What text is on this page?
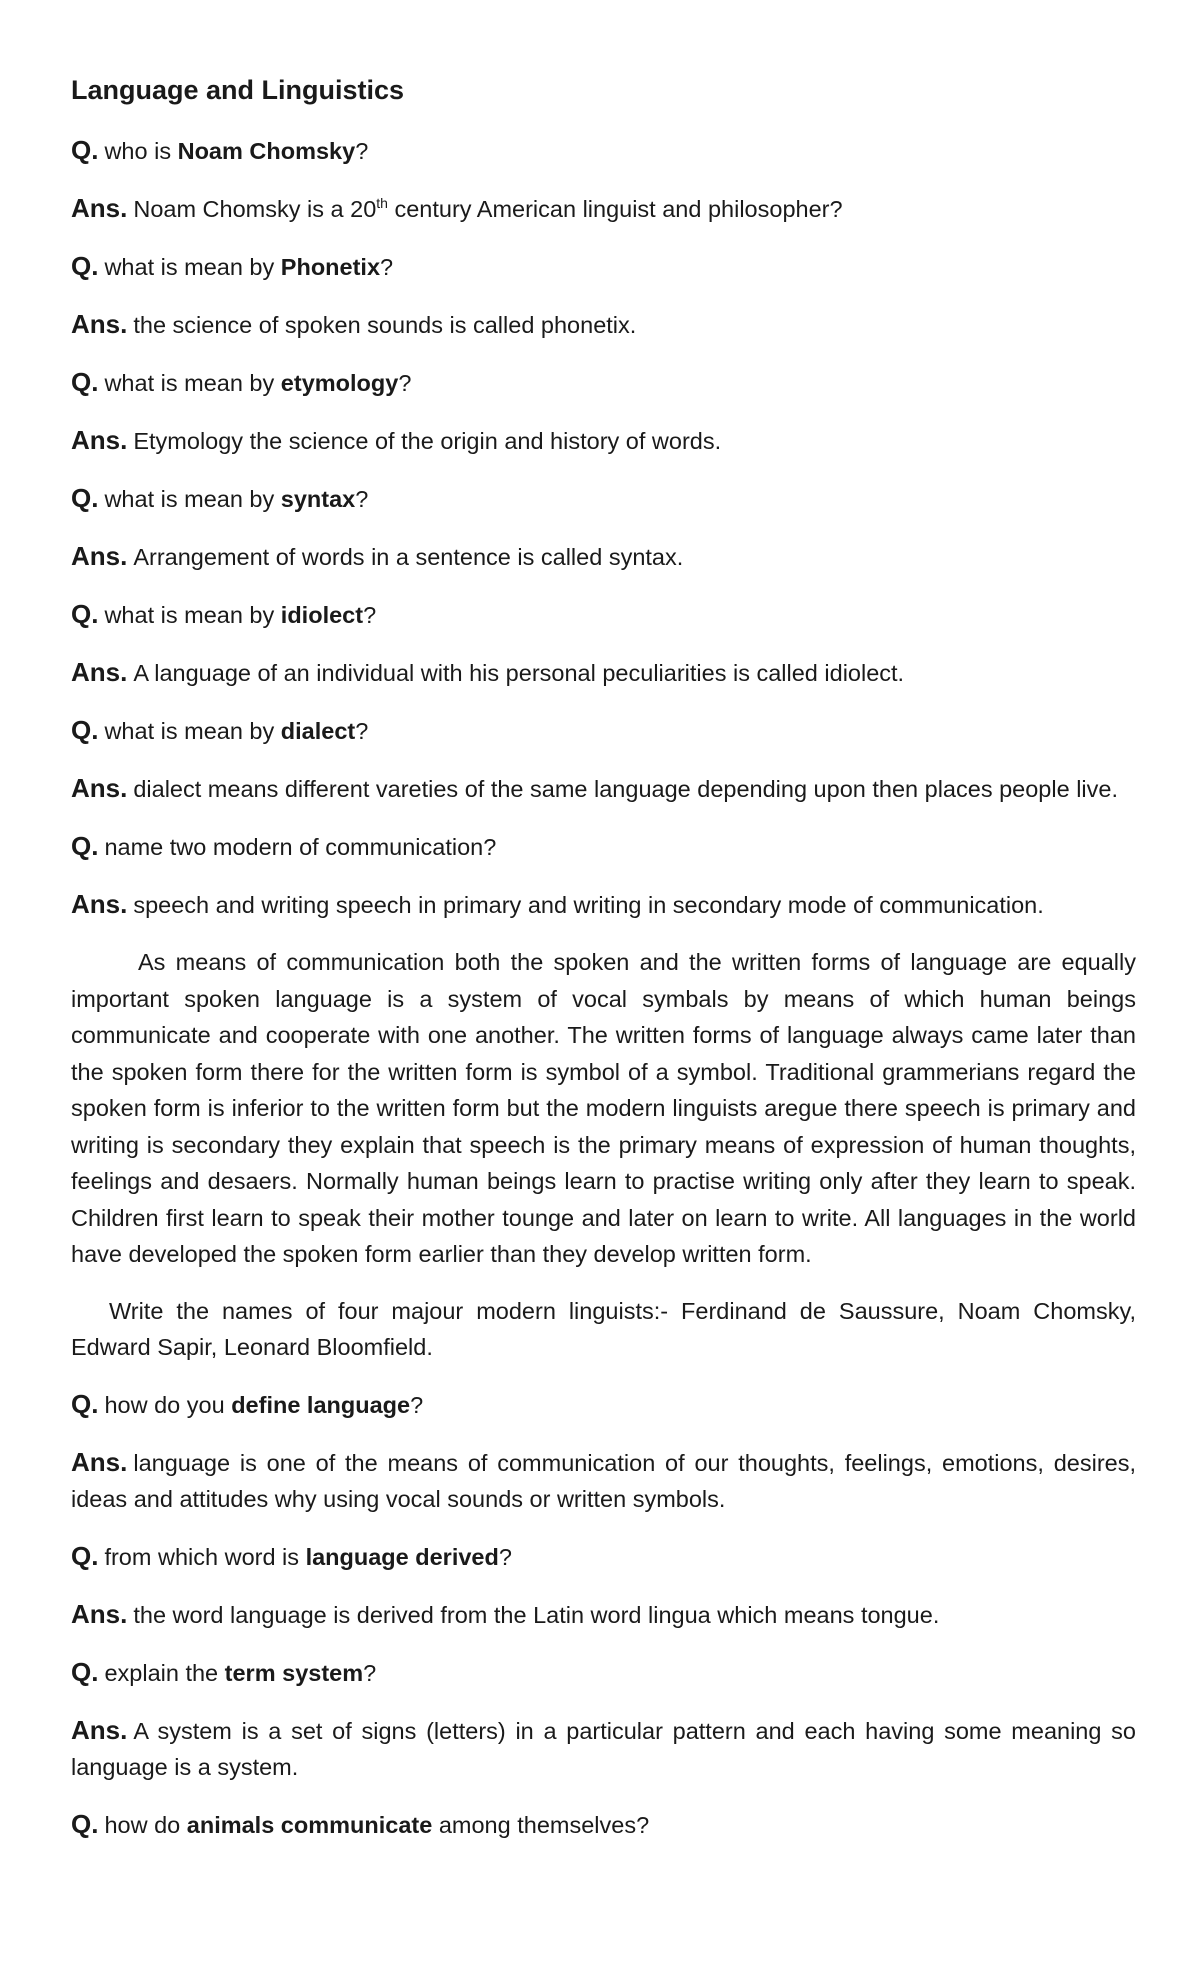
Language and Linguistics
Q. who is Noam Chomsky?
Ans. Noam Chomsky is a 20th century American linguist and philosopher?
Q. what is mean by Phonetix?
Ans. the science of spoken sounds is called phonetix.
Q. what is mean by etymology?
Ans. Etymology the science of the origin and history of words.
Q. what is mean by syntax?
Ans. Arrangement of words in a sentence is called syntax.
Q. what is mean by idiolect?
Ans. A language of an individual with his personal peculiarities is called idiolect.
Q. what is mean by dialect?
Ans. dialect means different vareties of the same language depending upon then places people live.
Q. name two modern of communication?
Ans. speech and writing speech in primary and writing in secondary mode of communication.
As means of communication both the spoken and the written forms of language are equally important spoken language is a system of vocal symbals by means of which human beings communicate and cooperate with one another. The written forms of language always came later than the spoken form there for the written form is symbol of a symbol. Traditional grammerians regard the spoken form is inferior to the written form but the modern linguists aregue there speech is primary and writing is secondary they explain that speech is the primary means of expression of human thoughts, feelings and desaers. Normally human beings learn to practise writing only after they learn to speak. Children first learn to speak their mother tounge and later on learn to write. All languages in the world have developed the spoken form earlier than they develop written form.
Write the names of four majour modern linguists:- Ferdinand de Saussure, Noam Chomsky, Edward Sapir, Leonard Bloomfield.
Q. how do you define language?
Ans. language is one of the means of communication of our thoughts, feelings, emotions, desires, ideas and attitudes why using vocal sounds or written symbols.
Q. from which word is language derived?
Ans. the word language is derived from the Latin word lingua which means tongue.
Q. explain the term system?
Ans. A system is a set of signs (letters) in a particular pattern and each having some meaning so language is a system.
Q. how do animals communicate among themselves?
